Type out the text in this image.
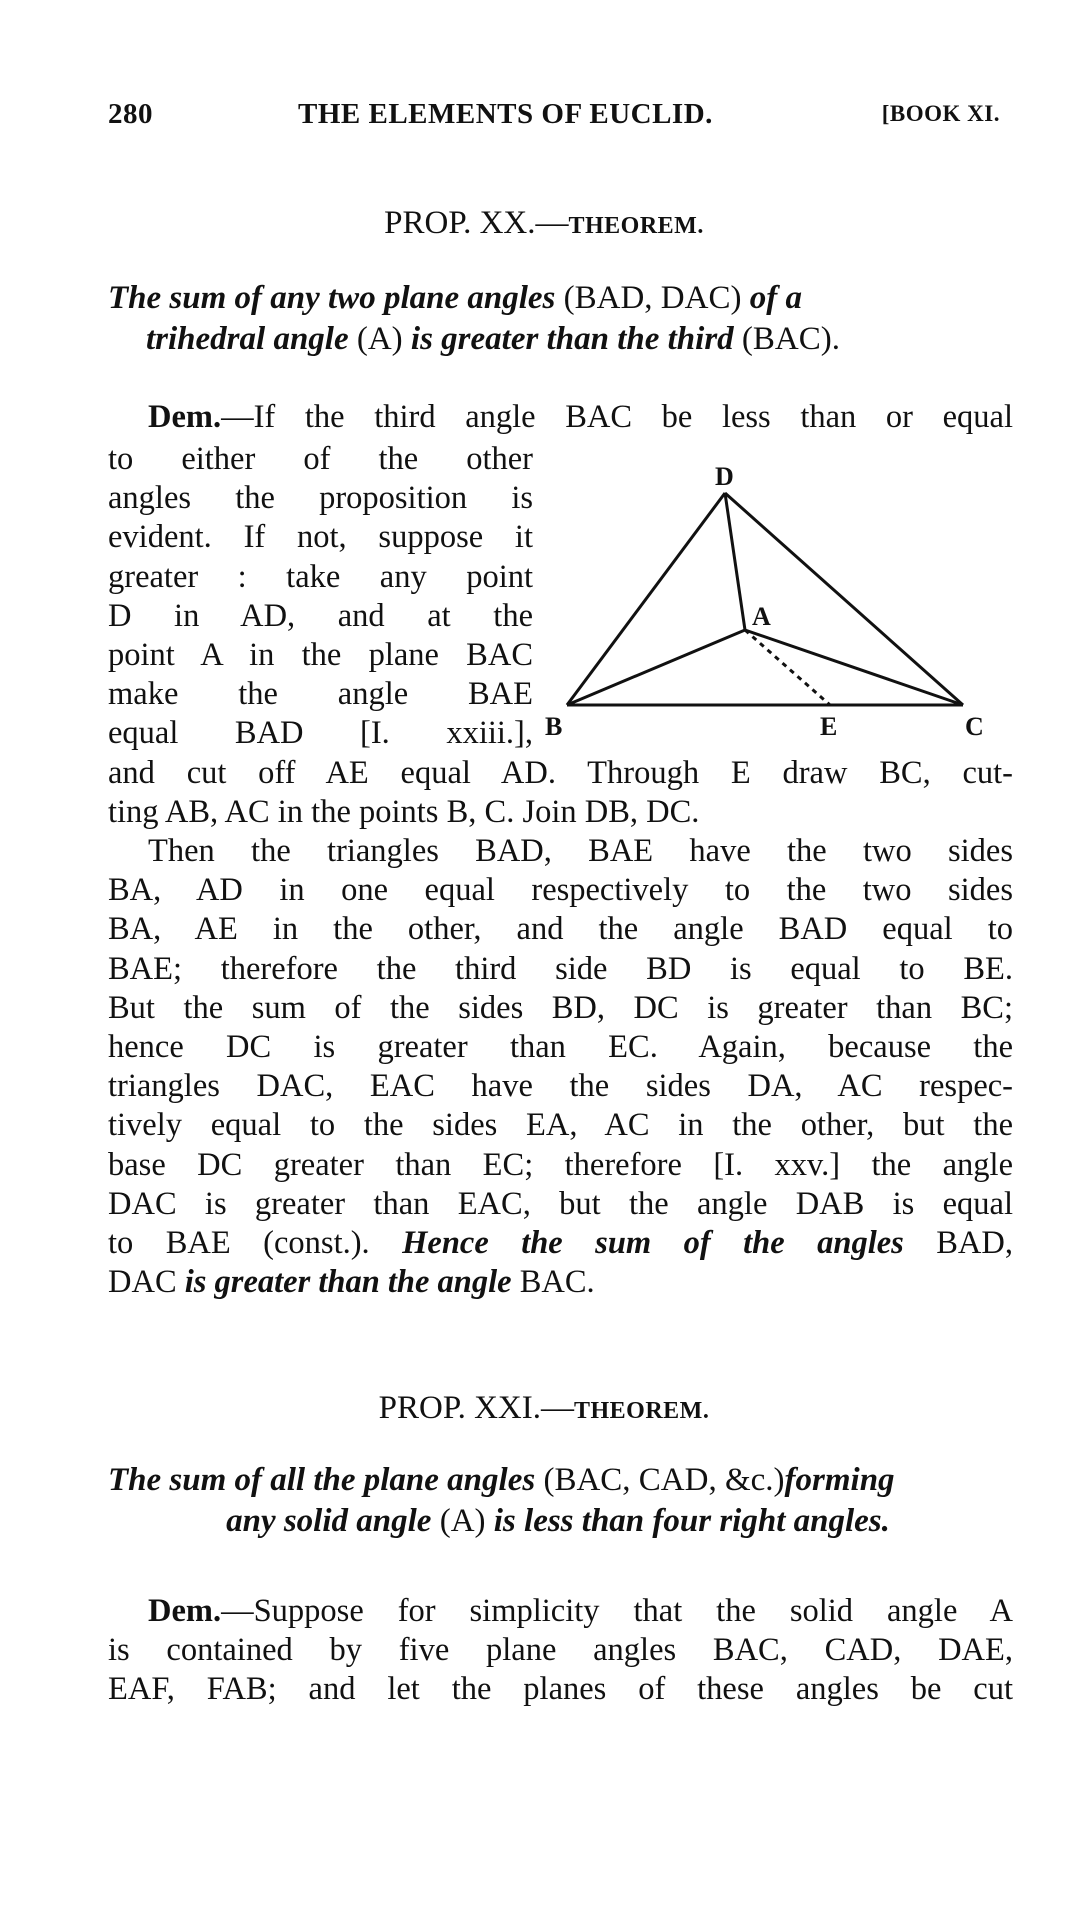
280	THE ELEMENTS OF EUCLID.	[BOOK XI.
PROP. XX.—THEOREM.
The sum of any two plane angles (BAD, DAC) of a
trihedral angle (A) is greater than the third (BAC).
Dem.—If the third angle BAC be less than or equal
to either of the other
angles the proposition is
evident. If not, suppose it
greater : take any point
D in AD, and at the
point A in the plane BAC
make the angle BAE
equal BAD [I. xxiii.],
D
A
B	E	C
and cut off AE equal AD. Through E draw BC, cut-
ting AB, AC in the points B, C. Join DB, DC.
Then the triangles BAD, BAE have the two sides
BA, AD in one equal respectively to the two sides
BA, AE in the other, and the angle BAD equal to
BAE; therefore the third side BD is equal to BE.
But the sum of the sides BD, DC is greater than BC;
hence DC is greater than EC. Again, because the
triangles DAC, EAC have the sides DA, AC respec-
tively equal to the sides EA, AC in the other, but the
base DC greater than EC; therefore [I. xxv.] the angle
DAC is greater than EAC, but the angle DAB is equal
to BAE (const.). Hence the sum of the angles BAD,
DAC is greater than the angle BAC.
PROP. XXI.—THEOREM.
The sum of all the plane angles (BAC, CAD, &c.)forming
any solid angle (A) is less than four right angles.
Dem.—Suppose for simplicity that the solid angle A
is contained by five plane angles BAC, CAD, DAE,
EAF, FAB; and let the planes of these angles be cut
